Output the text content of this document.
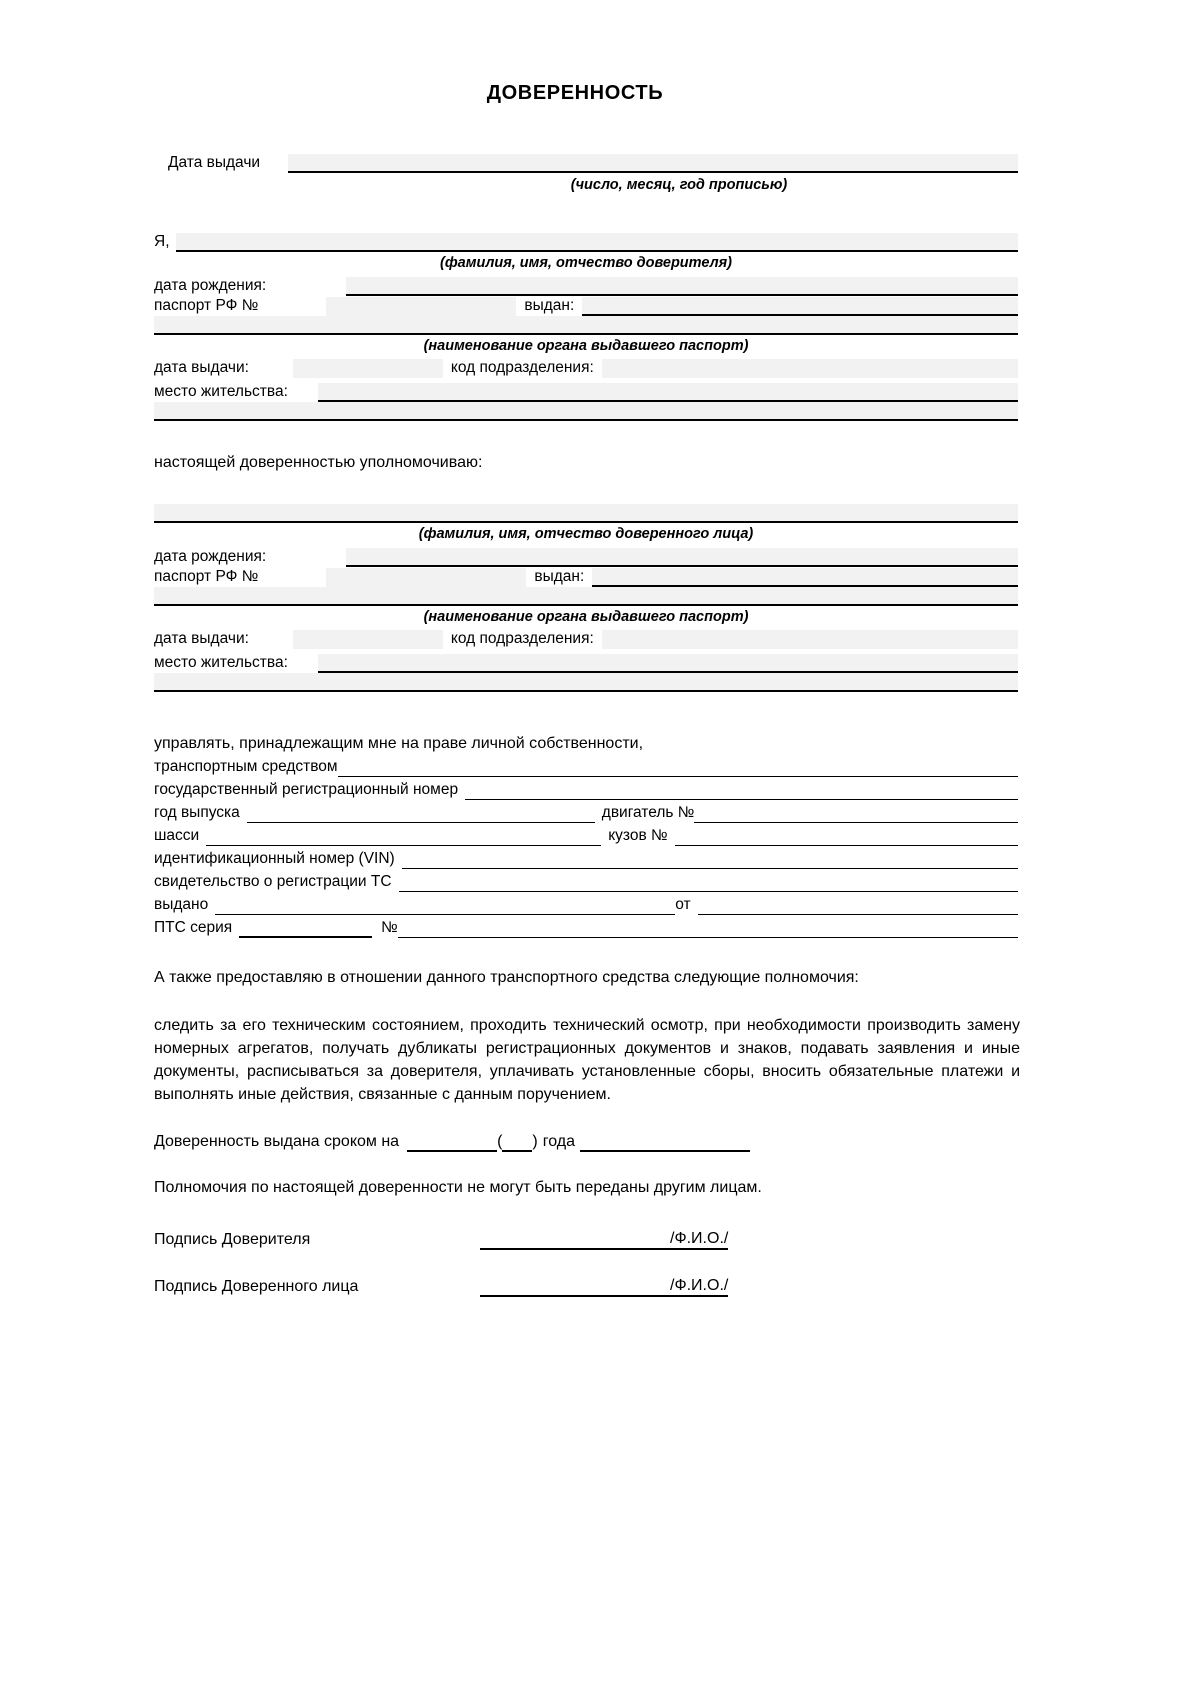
ДОВЕРЕННОСТЬ
Дата выдачи
(число, месяц, год прописью)
Я,
(фамилия, имя, отчество доверителя)
дата рождения:
паспорт РФ №	выдан:
(наименование органа выдавшего паспорт)
дата выдачи:	код подразделения:
место жительства:
настоящей доверенностью уполномочиваю:
(фамилия, имя, отчество доверенного лица)
дата рождения:
паспорт РФ №	выдан:
(наименование органа выдавшего паспорт)
дата выдачи:	код подразделения:
место жительства:
управлять, принадлежащим мне на праве личной собственности,
транспортным средством
государственный регистрационный номер
год выпуска	двигатель №
шасси	кузов №
идентификационный номер (VIN)
свидетельство о регистрации ТС
выдано	от
ПТС серия	№
А также предоставляю в отношении данного транспортного средства следующие полномочия:
следить за его техническим состоянием, проходить технический осмотр, при необходимости производить замену номерных агрегатов, получать дубликаты регистрационных документов и знаков, подавать заявления и иные документы, расписываться за доверителя, уплачивать установленные сборы, вносить обязательные платежи и выполнять иные действия, связанные с данным поручением.
Доверенность выдана сроком на	( ) года
Полномочия по настоящей доверенности не могут быть переданы другим лицам.
Подпись Доверителя	/Ф.И.О./
Подпись Доверенного лица	/Ф.И.О./
